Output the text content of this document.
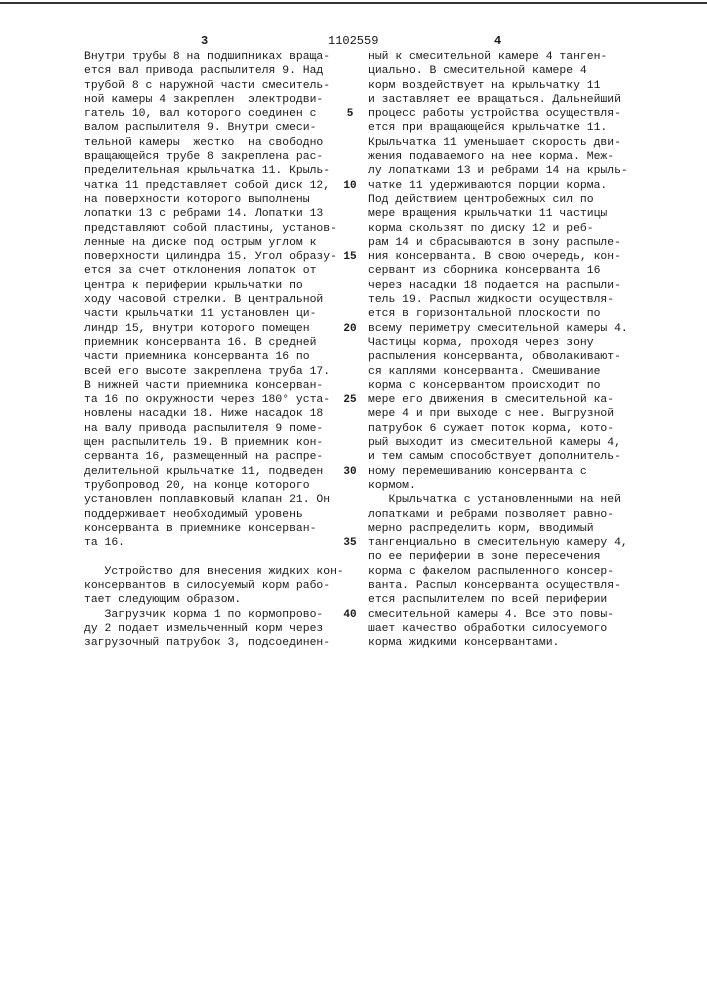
3	1102559	4
Внутри трубы 8 на подшипниках враща-
ется вал привода распылителя 9. Над
трубой 8 с наружной части смеситель-
ной камеры 4 закреплен  электродви-
гатель 10, вал которого соединен с
валом распылителя 9. Внутри смеси-
тельной камеры  жестко  на свободно
вращающейся трубе 8 закреплена рас-
пределительная крыльчатка 11. Крыль-
чатка 11 представляет собой диск 12,
на поверхности которого выполнены
лопатки 13 с ребрами 14. Лопатки 13
представляют собой пластины, установ-
ленные на диске под острым углом к
поверхности цилиндра 15. Угол образу-
ется за счет отклонения лопаток от
центра к периферии крыльчатки по
ходу часовой стрелки. В центральной
части крыльчатки 11 установлен ци-
линдр 15, внутри которого помещен
приемник консерванта 16. В средней
части приемника консерванта 16 по
всей его высоте закреплена труба 17.
В нижней части приемника консерван-
та 16 по окружности через 180° уста-
новлены насадки 18. Ниже насадок 18
на валу привода распылителя 9 поме-
щен распылитель 19. В приемник кон-
серванта 16, размещенный на распре-
делительной крыльчатке 11, подведен
трубопровод 20, на конце которого
установлен поплавковый клапан 21. Он
поддерживает необходимый уровень
консерванта в приемнике консерван-
та 16.
Устройство для внесения жидких кон-
консервантов в силосуемый корм рабо-
тает следующим образом.
Загрузчик корма 1 по кормопрово-
ду 2 подает измельченный корм через
загрузочный патрубок 3, подсоединен-
ный к смесительной камере 4 танген-
циально. В смесительной камере 4
корм воздействует на крыльчатку 11
и заставляет ее вращаться. Дальнейший
процесс работы устройства осуществля-
ется при вращающейся крыльчатке 11.
Крыльчатка 11 уменьшает скорость дви-
жения подаваемого на нее корма. Меж-
лу лопатками 13 и ребрами 14 на крыль-
чатке 11 удерживаются порции корма.
Под действием центробежных сил по
мере вращения крыльчатки 11 частицы
корма скользят по диску 12 и реб-
рам 14 и сбрасываются в зону распыле-
ния консерванта. В свою очередь, кон-
сервант из сборника консерванта 16
через насадки 18 подается на распыли-
тель 19. Распыл жидкости осуществля-
ется в горизонтальной плоскости по
всему периметру смесительной камеры 4.
Частицы корма, проходя через зону
распыления консерванта, обволакивают-
ся каплями консерванта. Смешивание
корма с консервантом происходит по
мере его движения в смесительной ка-
мере 4 и при выходе с нее. Выгрузной
патрубок 6 сужает поток корма, кото-
рый выходит из смесительной камеры 4,
и тем самым способствует дополнитель-
ному перемешиванию консерванта с
кормом.
Крыльчатка с установленными на ней
лопатками и ребрами позволяет равно-
мерно распределить корм, вводимый
тангенциально в смесительную камеру 4,
по ее периферии в зоне пересечения
корма с факелом распыленного консер-
ванта. Распыл консерванта осуществля-
ется распылителем по всей периферии
смесительной камеры 4. Все это повы-
шает качество обработки силосуемого
корма жидкими консервантами.
5
10
15
20
25
30
35
40
